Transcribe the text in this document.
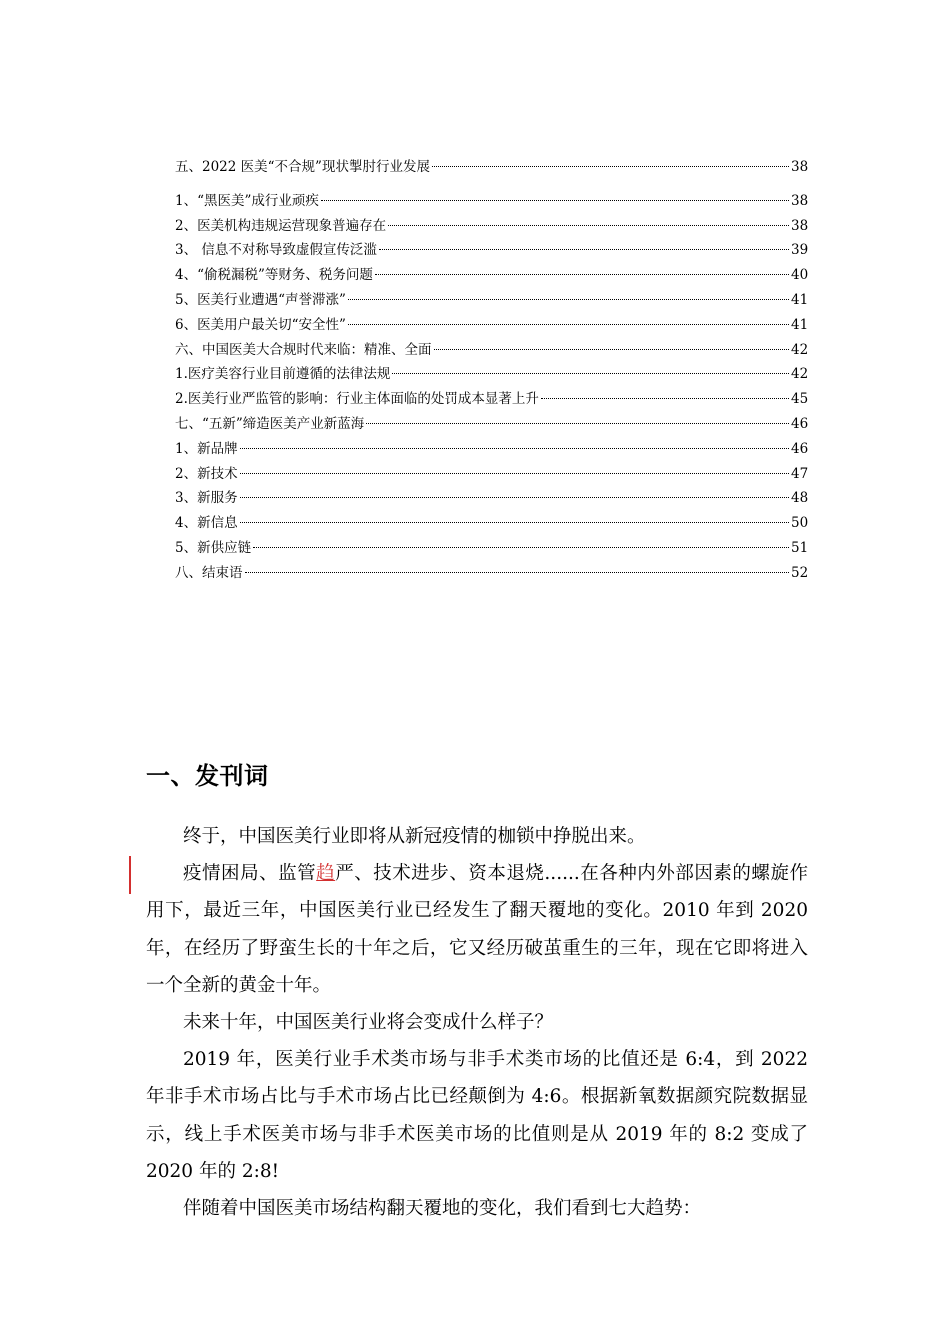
五、2022 医美“不合规”现状掣肘行业发展	38
1、“黑医美”成行业顽疾	38
2、医美机构违规运营现象普遍存在	38
3、 信息不对称导致虚假宣传泛滥	39
4、“偷税漏税”等财务、税务问题	40
5、医美行业遭遇“声誉滞涨”	41
6、医美用户最关切“安全性”	41
六、中国医美大合规时代来临：精准、全面	42
1.医疗美容行业目前遵循的法律法规	42
2.医美行业严监管的影响：行业主体面临的处罚成本显著上升	45
七、“五新”缔造医美产业新蓝海	46
1、新品牌	46
2、新技术	47
3、新服务	48
4、新信息	50
5、新供应链	51
八、结束语	52
一、发刊词

终于，中国医美行业即将从新冠疫情的枷锁中挣脱出来。

疫情困局、监管趋严、技术进步、资本退烧......在各种内外部因素的螺旋作用下，最近三年，中国医美行业已经发生了翻天覆地的变化。2010 年到 2020 年，在经历了野蛮生长的十年之后，它又经历破茧重生的三年，现在它即将进入一个全新的黄金十年。

未来十年，中国医美行业将会变成什么样子？

2019 年，医美行业手术类市场与非手术类市场的比值还是 6:4，到 2022 年非手术市场占比与手术市场占比已经颠倒为 4:6。根据新氧数据颜究院数据显示，线上手术医美市场与非手术医美市场的比值则是从 2019 年的 8:2 变成了 2020 年的 2:8!

伴随着中国医美市场结构翻天覆地的变化，我们看到七大趋势：
